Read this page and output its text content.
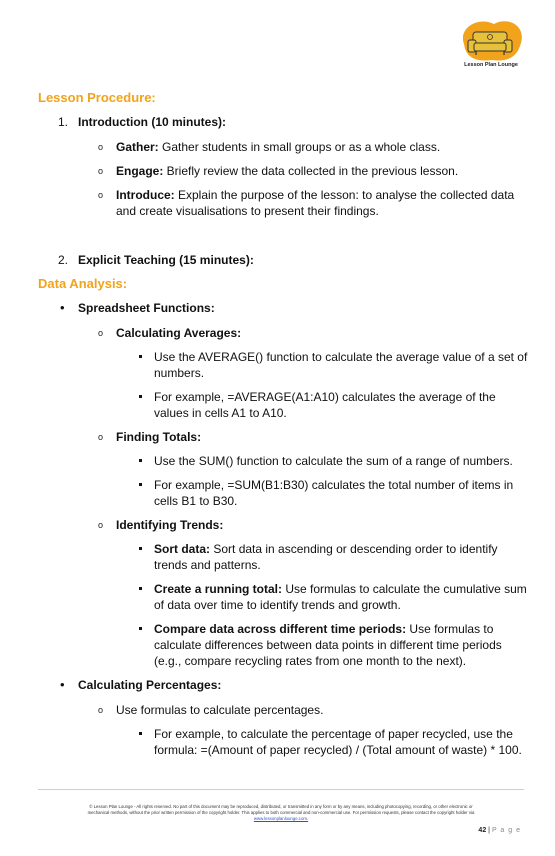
Lesson Plan Lounge
Lesson Procedure:
1. Introduction (10 minutes):
o Gather: Gather students in small groups or as a whole class.
o Engage: Briefly review the data collected in the previous lesson.
o Introduce: Explain the purpose of the lesson: to analyse the collected data
and create visualisations to present their findings.
2. Explicit Teaching (15 minutes):
Data Analysis:
• Spreadsheet Functions:
o Calculating Averages:
Use the AVERAGE() function to calculate the average value of a set of
numbers.
For example, =AVERAGE(A1:A10) calculates the average of the
values in cells A1 to A10.
o Finding Totals:
Use the SUM() function to calculate the sum of a range of numbers.
For example, =SUM(B1:B30) calculates the total number of items in
cells B1 to B30.
o Identifying Trends:
Sort data: Sort data in ascending or descending order to identify
trends and patterns.
Create a running total: Use formulas to calculate the cumulative sum
of data over time to identify trends and growth.
Compare data across different time periods: Use formulas to
calculate differences between data points in different time periods
(e.g., compare recycling rates from one month to the next).
• Calculating Percentages:
o Use formulas to calculate percentages.
For example, to calculate the percentage of paper recycled, use the
formula: =(Amount of paper recycled) / (Total amount of waste) * 100.
© Lesson Plan Lounge - All rights reserved. No part of this document may be reproduced, distributed, or transmitted in any form or by any means, including photocopying, recording, or other electronic or
mechanical methods, without the prior written permission of the copyright holder. This applies to both commercial and non-commercial use. For permission requests, please contact the copyright holder via
www.lessonplanlounge.com.
42 | P a g e
